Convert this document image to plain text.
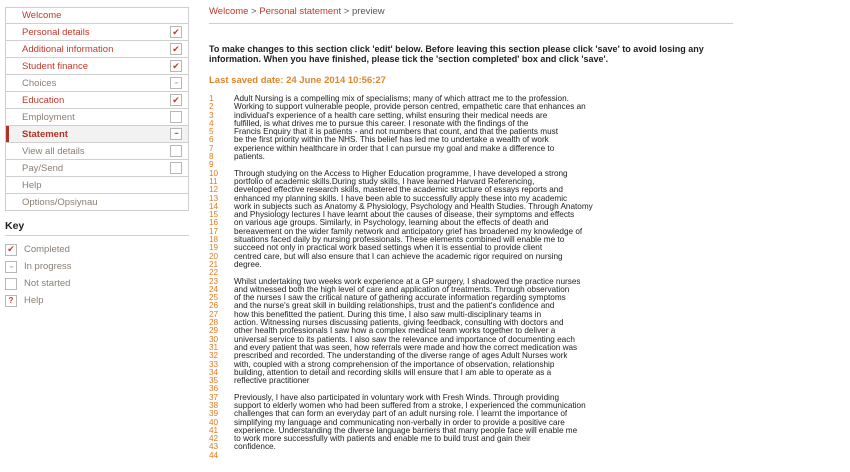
Welcome
Personal details	✔
Additional information	✔
Student finance	✔
Choices	∙∙∙
Education	✔
Employment
Statement	∙∙∙
View all details
Pay/Send
Help
Options/Opsiynau
Key
✔ Completed
∙∙∙	In progress
Not started
?	Help
Welcome > Personal statement > preview

To make changes to this section click 'edit' below. Before leaving this section please click 'save' to avoid losing any information. When you have finished, please tick the 'section completed' box and click 'save'.

Last saved date: 24 June 2014 10:56:27

1	Adult Nursing is a compelling mix of specialisms; many of which attract me to the profession.
2	Working to support vulnerable people, provide person centred, empathetic care that enhances an
3	individual's experience of a health care setting, whilst ensuring their medical needs are
4	fulfilled, is what drives me to pursue this career. I resonate with the findings of the
5	Francis Enquiry that it is patients - and not numbers that count, and that the patients must
6	be the first priority within the NHS. This belief has led me to undertake a wealth of work
7	experience within healthcare in order that I can pursue my goal and make a difference to
8	patients.
9
10	Through studying on the Access to Higher Education programme, I have developed a strong
11	portfolio of academic skills.During study skills, I have learned Harvard Referencing,
12	developed effective research skills, mastered the academic structure of essays reports and
13	enhanced my planning skills. I have been able to successfully apply these into my academic
14	work in subjects such as Anatomy & Physiology, Psychology and Health Studies. Through Anatomy
15	and Physiology lectures I have learnt about the causes of disease, their symptoms and effects
16	on various age groups. Similarly, in Psychology, learning about the effects of death and
17	bereavement on the wider family network and anticipatory grief has broadened my knowledge of
18	situations faced daily by nursing professionals. These elements combined will enable me to
19	succeed not only in practical work based settings when it is essential to provide client
20	centred care, but will also ensure that I can achieve the academic rigor required on nursing
21	degree.
22
23	Whilst undertaking two weeks work experience at a GP surgery, I shadowed the practice nurses
24	and witnessed both the high level of care and application of treatments. Through observation
25	of the nurses I saw the critical nature of gathering accurate information regarding symptoms
26	and the nurse's great skill in building relationships, trust and the patient's confidence and
27	how this benefitted the patient. During this time, I also saw multi-disciplinary teams in
28	action. Witnessing nurses discussing patients, giving feedback, consulting with doctors and
29	other health professionals I saw how a complex medical team works together to deliver a
30	universal service to its patients. I also saw the relevance and importance of documenting each
31	and every patient that was seen, how referrals were made and how the correct medication was
32	prescribed and recorded. The understanding of the diverse range of ages Adult Nurses work
33	with, coupled with a strong comprehension of the importance of observation, relationship
34	building, attention to detail and recording skills will ensure that I am able to operate as a
35	reflective practitioner
36
37	Previously, I have also participated in voluntary work with Fresh Winds. Through providing
38	support to elderly women who had been suffered from a stroke, I experienced the communication
39	challenges that can form an everyday part of an adult nursing role. I learnt the importance of
40	simplifying my language and communicating non-verbally in order to provide a positive care
41	experience. Understanding the diverse language barriers that many people face will enable me
42	to work more successfully with patients and enable me to build trust and gain their
43	confidence.
44
